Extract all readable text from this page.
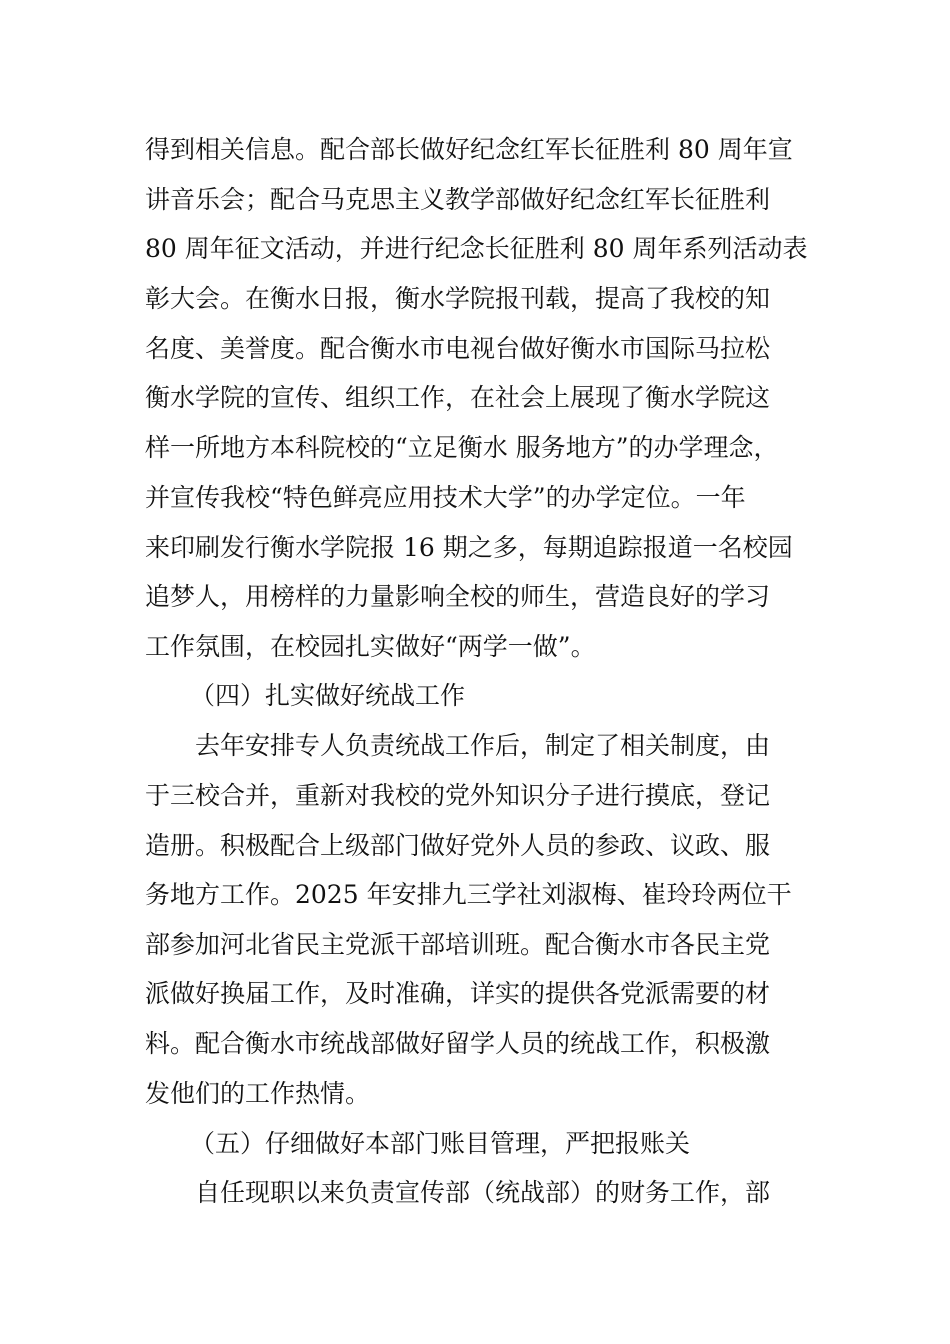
得到相关信息。配合部长做好纪念红军长征胜利 80 周年宣
讲音乐会；配合马克思主义教学部做好纪念红军长征胜利
80 周年征文活动，并进行纪念长征胜利 80 周年系列活动表
彰大会。在衡水日报，衡水学院报刊载，提高了我校的知
名度、美誉度。配合衡水市电视台做好衡水市国际马拉松
衡水学院的宣传、组织工作，在社会上展现了衡水学院这
样一所地方本科院校的“立足衡水 服务地方”的办学理念，
并宣传我校“特色鲜亮应用技术大学”的办学定位。一年
来印刷发行衡水学院报 16 期之多，每期追踪报道一名校园
追梦人，用榜样的力量影响全校的师生，营造良好的学习
工作氛围，在校园扎实做好“两学一做”。
（四）扎实做好统战工作
去年安排专人负责统战工作后，制定了相关制度，由
于三校合并，重新对我校的党外知识分子进行摸底，登记
造册。积极配合上级部门做好党外人员的参政、议政、服
务地方工作。2025 年安排九三学社刘淑梅、崔玲玲两位干
部参加河北省民主党派干部培训班。配合衡水市各民主党
派做好换届工作，及时准确，详实的提供各党派需要的材
料。配合衡水市统战部做好留学人员的统战工作，积极激
发他们的工作热情。
（五）仔细做好本部门账目管理，严把报账关
自任现职以来负责宣传部（统战部）的财务工作，部
